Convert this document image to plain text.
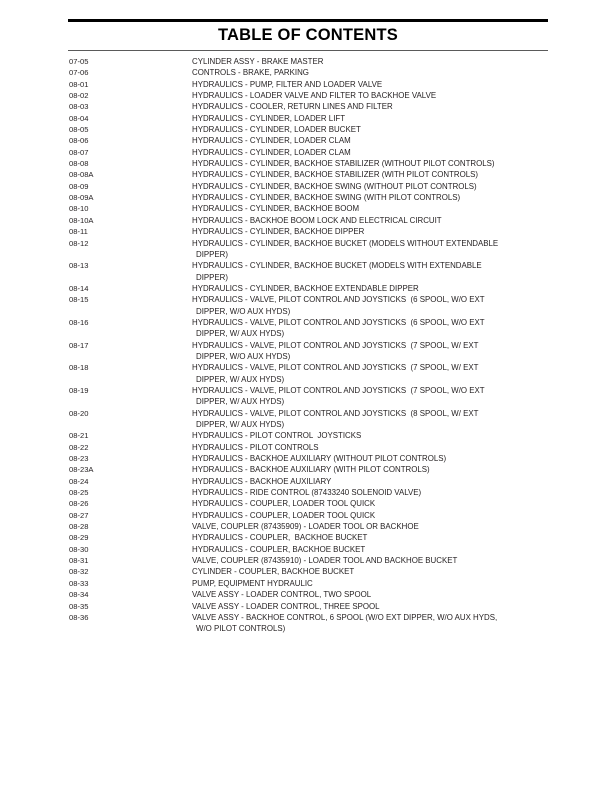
TABLE OF CONTENTS
07-05	CYLINDER ASSY - BRAKE MASTER
07-06	CONTROLS - BRAKE, PARKING
08-01	HYDRAULICS - PUMP, FILTER AND LOADER VALVE
08-02	HYDRAULICS - LOADER VALVE AND FILTER TO BACKHOE VALVE
08-03	HYDRAULICS - COOLER, RETURN LINES AND FILTER
08-04	HYDRAULICS - CYLINDER, LOADER LIFT
08-05	HYDRAULICS - CYLINDER, LOADER BUCKET
08-06	HYDRAULICS - CYLINDER, LOADER CLAM
08-07	HYDRAULICS - CYLINDER, LOADER CLAM
08-08	HYDRAULICS - CYLINDER, BACKHOE STABILIZER (WITHOUT PILOT CONTROLS)
08-08A	HYDRAULICS - CYLINDER, BACKHOE STABILIZER (WITH PILOT CONTROLS)
08-09	HYDRAULICS - CYLINDER, BACKHOE SWING (WITHOUT PILOT CONTROLS)
08-09A	HYDRAULICS - CYLINDER, BACKHOE SWING (WITH PILOT CONTROLS)
08-10	HYDRAULICS - CYLINDER, BACKHOE BOOM
08-10A	HYDRAULICS - BACKHOE BOOM LOCK AND ELECTRICAL CIRCUIT
08-11	HYDRAULICS - CYLINDER, BACKHOE DIPPER
08-12	HYDRAULICS - CYLINDER, BACKHOE BUCKET (MODELS WITHOUT EXTENDABLE
DIPPER)
08-13	HYDRAULICS - CYLINDER, BACKHOE BUCKET (MODELS WITH EXTENDABLE
DIPPER)
08-14	HYDRAULICS - CYLINDER, BACKHOE EXTENDABLE DIPPER
08-15	HYDRAULICS - VALVE, PILOT CONTROL AND JOYSTICKS  (6 SPOOL, W/O EXT
DIPPER, W/O AUX HYDS)
08-16	HYDRAULICS - VALVE, PILOT CONTROL AND JOYSTICKS  (6 SPOOL, W/O EXT
DIPPER, W/ AUX HYDS)
08-17	HYDRAULICS - VALVE, PILOT CONTROL AND JOYSTICKS  (7 SPOOL, W/ EXT
DIPPER, W/O AUX HYDS)
08-18	HYDRAULICS - VALVE, PILOT CONTROL AND JOYSTICKS  (7 SPOOL, W/ EXT
DIPPER, W/ AUX HYDS)
08-19	HYDRAULICS - VALVE, PILOT CONTROL AND JOYSTICKS  (7 SPOOL, W/O EXT
DIPPER, W/ AUX HYDS)
08-20	HYDRAULICS - VALVE, PILOT CONTROL AND JOYSTICKS  (8 SPOOL, W/ EXT
DIPPER, W/ AUX HYDS)
08-21	HYDRAULICS - PILOT CONTROL  JOYSTICKS
08-22	HYDRAULICS - PILOT CONTROLS
08-23	HYDRAULICS - BACKHOE AUXILIARY (WITHOUT PILOT CONTROLS)
08-23A	HYDRAULICS - BACKHOE AUXILIARY (WITH PILOT CONTROLS)
08-24	HYDRAULICS - BACKHOE AUXILIARY
08-25	HYDRAULICS - RIDE CONTROL (87433240 SOLENOID VALVE)
08-26	HYDRAULICS - COUPLER, LOADER TOOL QUICK
08-27	HYDRAULICS - COUPLER, LOADER TOOL QUICK
08-28	VALVE, COUPLER (87435909) - LOADER TOOL OR BACKHOE
08-29	HYDRAULICS - COUPLER,  BACKHOE BUCKET
08-30	HYDRAULICS - COUPLER, BACKHOE BUCKET
08-31	VALVE, COUPLER (87435910) - LOADER TOOL AND BACKHOE BUCKET
08-32	CYLINDER - COUPLER, BACKHOE BUCKET
08-33	PUMP, EQUIPMENT HYDRAULIC
08-34	VALVE ASSY - LOADER CONTROL, TWO SPOOL
08-35	VALVE ASSY - LOADER CONTROL, THREE SPOOL
08-36	VALVE ASSY - BACKHOE CONTROL, 6 SPOOL (W/O EXT DIPPER, W/O AUX HYDS,
W/O PILOT CONTROLS)
